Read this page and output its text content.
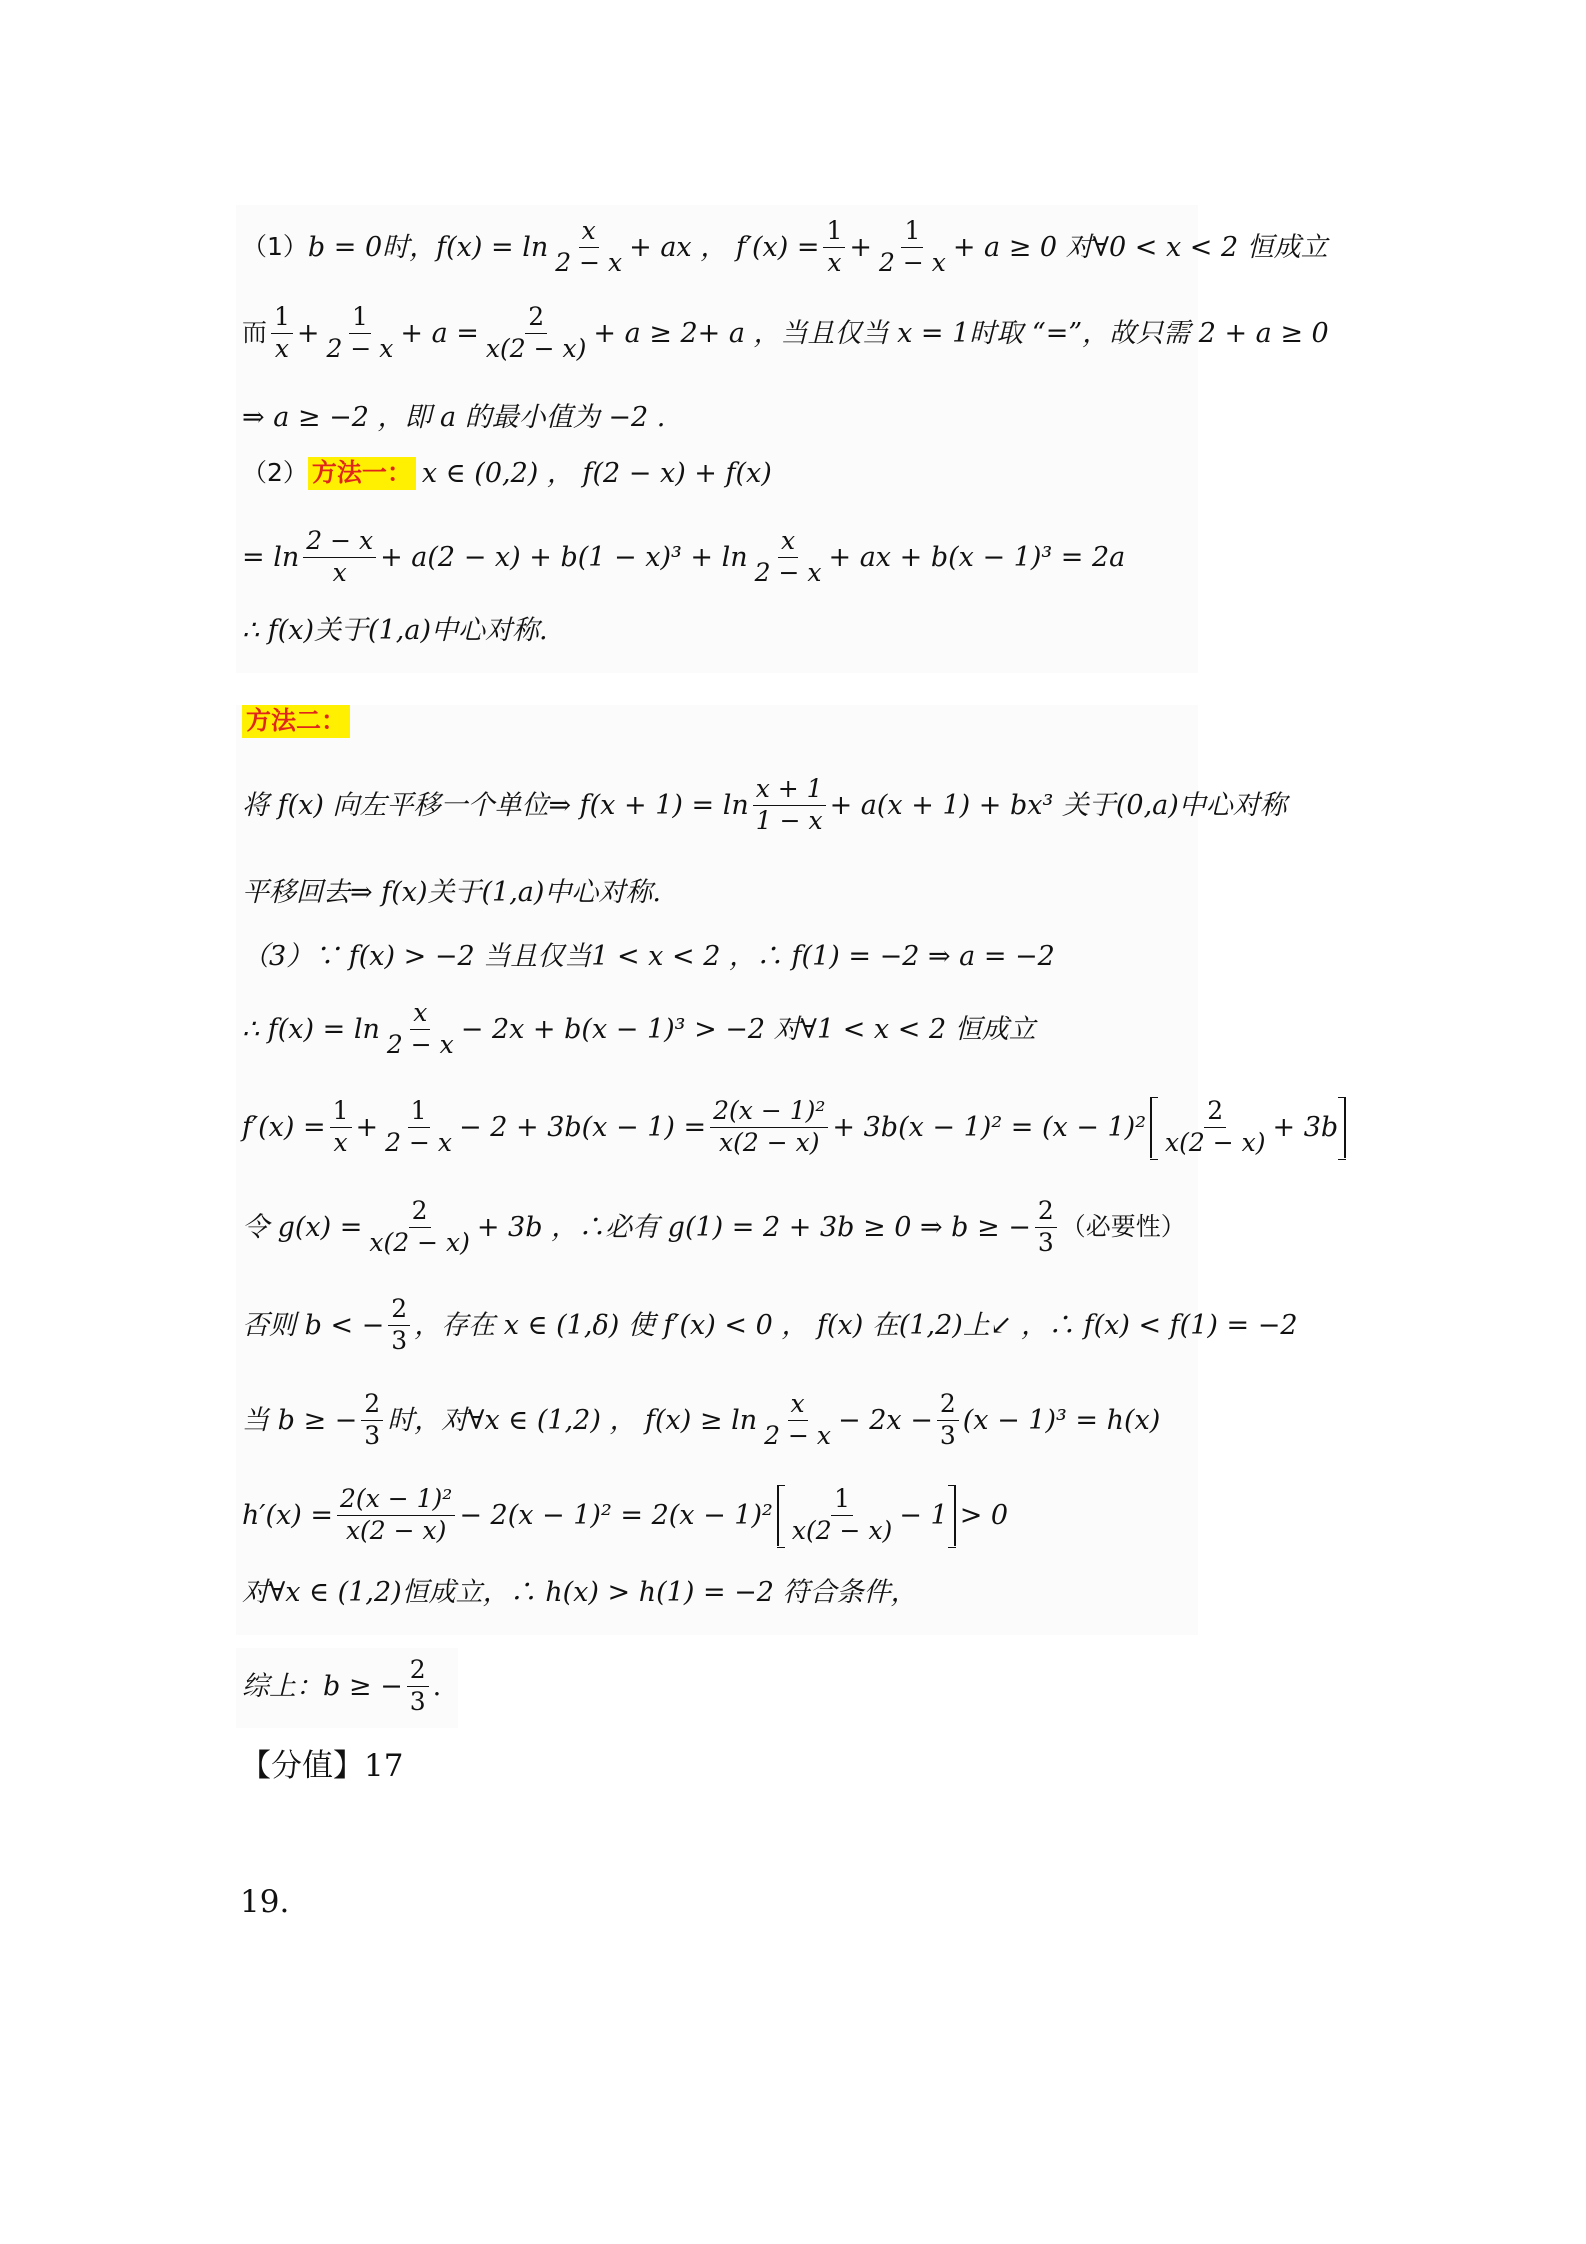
（1） b = 0时， $f(x) = \ln \frac{x}{2 - x}$ + ax ， $f'(x) = \frac{1}{x} + \frac{1}{2 - x} + a \ge 0$ 对∀0 < x < 2 恒成立
而 $\frac{1}{x} + \frac{1}{2 - x} + a = \frac{2}{x(2 - x)} + a \ge 2+ a$ ，当且仅当 x = 1时取 “=”，故只需 2 + a ≥ 0
⇒ a ≥ −2 ，即 a 的最小值为 −2 .
（2） 方法一： x ∈ (0,2) ， f(2 − x) + f(x)
= $\ln \frac{2 - x}{x} + a(2 - x) + b(1 - x)^3 + \ln \frac{x}{2 - x}$ + ax + b(x − 1)³ = 2a
∴ f(x)关于(1,a)中心对称.
方法二：
将 f(x) 向左平移一个单位⇒ $f(x + 1) = \ln \frac{x + 1}{1 - x} + a(x + 1) + bx^3$ 关于(0,a)中心对称
平移回去⇒ f(x)关于(1,a)中心对称.
（3）∵ f(x) > −2 当且仅当1 < x < 2 ，∴ f(1) = −2 ⇒ a = −2
∴ $f(x) = \ln \frac{x}{2 - x} - 2x + b(x - 1)^3 > -2$ 对∀1 < x < 2 恒成立
$f'(x) = \frac{1}{x} + \frac{1}{2 - x} - 2 + 3b(x - 1) = \frac{\text{2(x − 1)²}}{x(2 - x)} + 3b(x - 1)^2 = (x - 1)^2 \frac{2}{x(2 - x)} + 3b$
令 $g(x) = \frac{2}{x(2 - x)} + 3b$ ，∴必有 g(1) = 2 + 3b ≥ 0 ⇒ b ≥ − $\frac{2}{3}$ （必要性）
否则 b < − $\frac{2}{3}$ ，存在 x ∈ (1,δ) 使 f′(x) < 0 ， f(x) 在(1,2)上↙ ，∴ f(x) < f(1) = −2
当 b ≥ − $\frac{2}{3}$ 时，对∀x ∈ (1,2) ， $f(x) \ge \ln \frac{x}{2 - x} - 2x - \frac{2}{3} (x - 1)^3 = h(x)$
$h'(x) = \frac{\text{2(x − 1)²}}{x(2 - x)} - 2(x - 1)^2 = 2(x - 1)^2 \frac{1}{x(2 - x)} - 1 > 0$
对∀x ∈ (1,2)恒成立，∴ h(x) > h(1) = −2 符合条件，
综上：b ≥ − $\frac{2}{3}$ .
【分值】17
19.
